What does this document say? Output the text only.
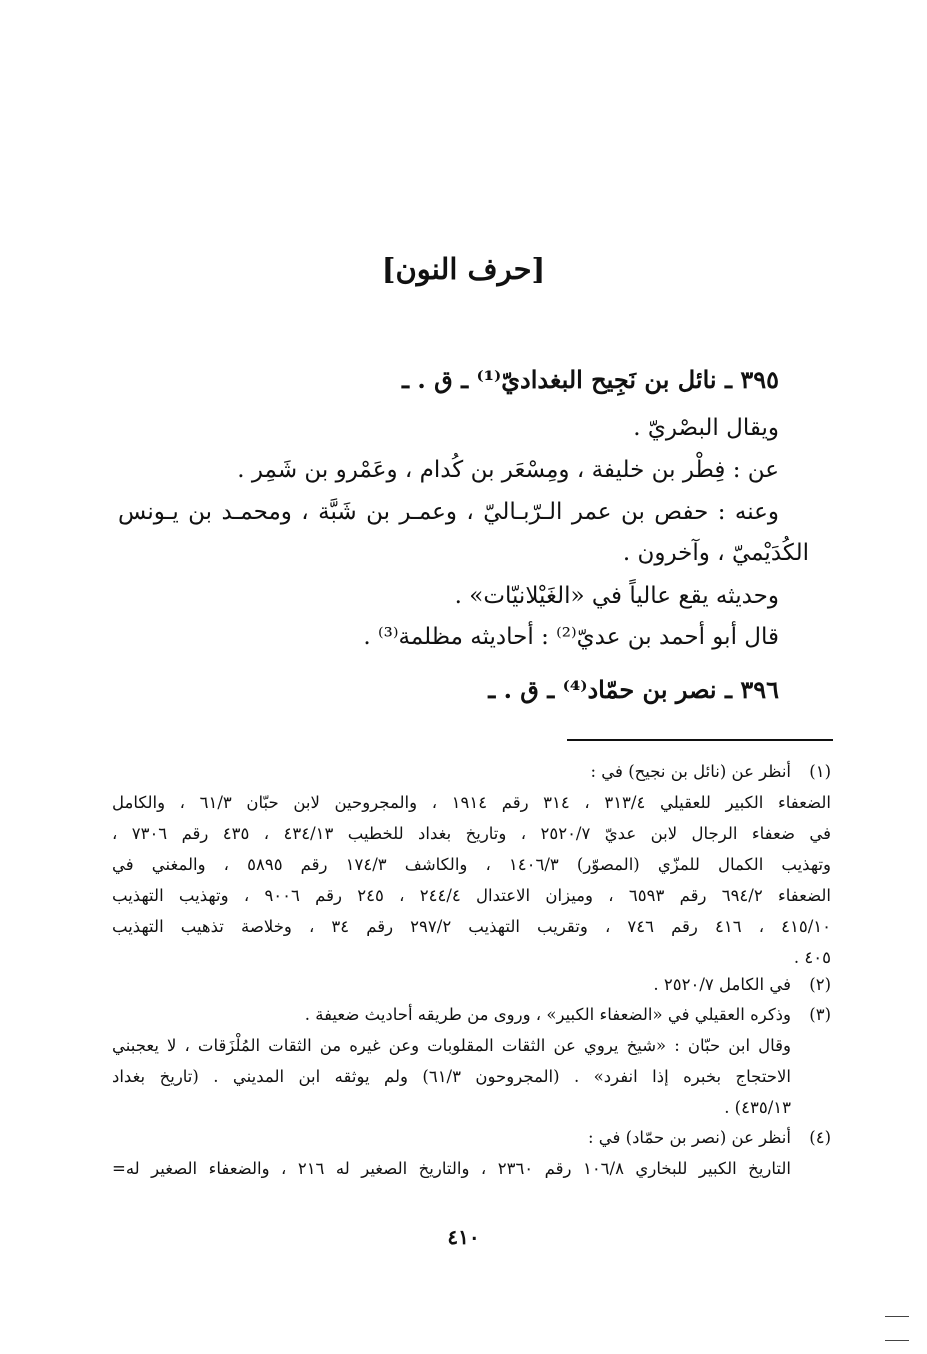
[حرف النون]
٣٩٥ ـ نائل بن نَجِيح البغداديّ⁽¹⁾ ـ ق . ـ
ويقال البصْريّ .
عن : فِطْر بن خليفة ، ومِسْعَر بن كُدام ، وعَمْرو بن شَمِر .
وعنه : حفص بن عمر الـرّبـاليّ ، وعمـر بن شَبَّة ، ومحمـد بن يـونس
الكُدَيْميّ ، وآخرون .
وحديثه يقع عالياً في «الغَيْلانيّات» .
قال أبو أحمد بن عديّ⁽²⁾ : أحاديثه مظلمة⁽³⁾ .
٣٩٦ ـ نصر بن حمّاد⁽⁴⁾ ـ ق . ـ
(١)أنظر عن (نائل بن نجيح) في :
الضعفاء الكبير للعقيلي ٣١٣/٤ ، ٣١٤ رقم ١٩١٤ ، والمجروحين لابن حبّان ٦١/٣ ، والكامل
في ضعفاء الرجال لابن عديّ ٢٥٢٠/٧ ، وتاريخ بغداد للخطيب ٤٣٤/١٣ ، ٤٣٥ رقم ٧٣٠٦ ،
وتهذيب الكمال للمزّي (المصوّر) ١٤٠٦/٣ ، والكاشف ١٧٤/٣ رقم ٥٨٩٥ ، والمغني في
الضعفاء ٦٩٤/٢ رقم ٦٥٩٣ ، وميزان الاعتدال ٢٤٤/٤ ، ٢٤٥ رقم ٩٠٠٦ ، وتهذيب التهذيب
٤١٥/١٠ ، ٤١٦ رقم ٧٤٦ ، وتقريب التهذيب ٢٩٧/٢ رقم ٣٤ ، وخلاصة تذهيب التهذيب
٤٠٥ .
(٢)في الكامل ٢٥٢٠/٧ .
(٣)وذكره العقيلي في «الضعفاء الكبير» ، وروى من طريقه أحاديث ضعيفة .
وقال ابن حبّان : «شيخ يروي عن الثقات المقلوبات وعن غيره من الثقات المُلْزَقات ، لا يعجبني
الاحتجاج بخبره إذا انفرد» . (المجروحون ٦١/٣) ولم يوثقه ابن المديني . (تاريخ بغداد
٤٣٥/١٣) .
(٤)أنظر عن (نصر بن حمّاد) في :
التاريخ الكبير للبخاري ١٠٦/٨ رقم ٢٣٦٠ ، والتاريخ الصغير له ٢١٦ ، والضعفاء الصغير له=
٤١٠
